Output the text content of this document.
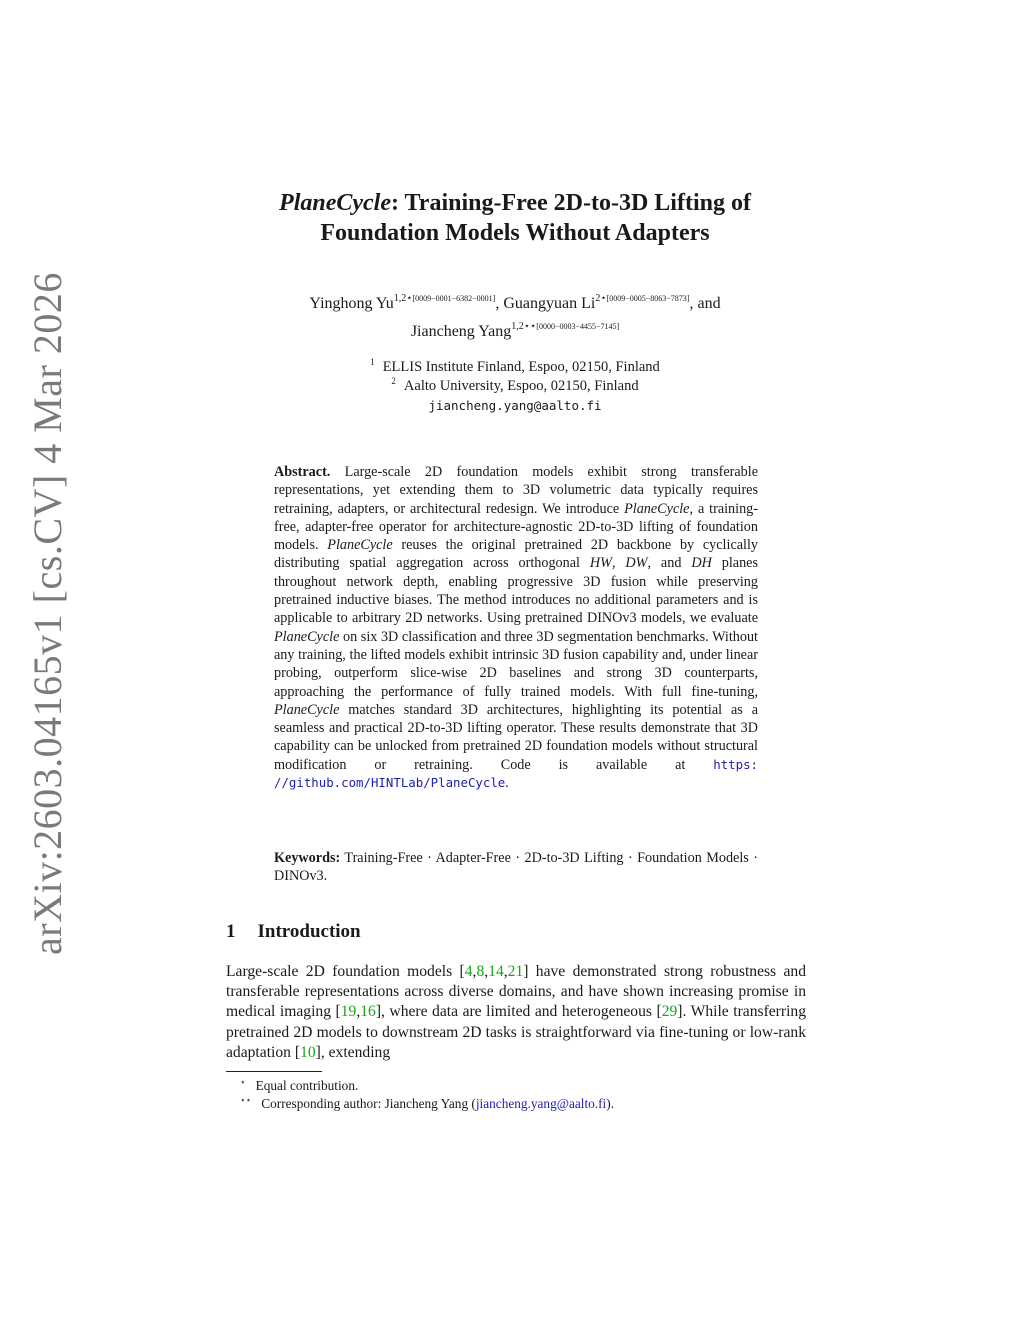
arXiv:2603.04165v1 [cs.CV] 4 Mar 2026
PlaneCycle: Training-Free 2D-to-3D Lifting of
Foundation Models Without Adapters
Yinghong $Yu^{1,2⋆[0009-0001-6382-0001]}$, Guangyuan $Li^{2⋆[0009-0005-8063-7873]}$, and
Jiancheng Yang$^{1,2⋆⋆[0000-0003-4455-7145]}$
$^1$ ELLIS Institute Finland, Espoo, 02150, Finland
$^2$ Aalto University, Espoo, 02150, Finland
jiancheng.yang@aalto.fi
Abstract. Large-scale 2D foundation models exhibit strong transferable representations, yet extending them to 3D volumetric data typically requires retraining, adapters, or architectural redesign. We introduce PlaneCycle, a training-free, adapter-free operator for architecture-agnostic 2D-to-3D lifting of foundation models. PlaneCycle reuses the original pretrained 2D backbone by cyclically distributing spatial aggregation across orthogonal HW, DW, and DH planes throughout network depth, enabling progressive 3D fusion while preserving pretrained inductive biases. The method introduces no additional parameters and is applicable to arbitrary 2D networks. Using pretrained DINOv3 models, we evaluate PlaneCycle on six 3D classification and three 3D segmentation benchmarks. Without any training, the lifted models exhibit intrinsic 3D fusion capability and, under linear probing, outperform slice-wise 2D baselines and strong 3D counterparts, approaching the performance of fully trained models. With full fine-tuning, PlaneCycle matches standard 3D architectures, highlighting its potential as a seamless and practical 2D-to-3D lifting operator. These results demonstrate that 3D capability can be unlocked from pretrained 2D foundation models without structural modification or retraining. Code is available at https: //github.com/HINTLab/PlaneCycle.
Keywords: Training-Free · Adapter-Free · 2D-to-3D Lifting · Foundation Models · DINOv3.
1 Introduction
Large-scale 2D foundation models [4,8,14,21] have demonstrated strong robustness and transferable representations across diverse domains, and have shown increasing promise in medical imaging [19,16], where data are limited and heterogeneous [29]. While transferring pretrained 2D models to downstream 2D tasks is straightforward via fine-tuning or low-rank adaptation [10], extending
⋆ Equal contribution.
⋆⋆ Corresponding author: Jiancheng Yang (jiancheng.yang@aalto.fi).
